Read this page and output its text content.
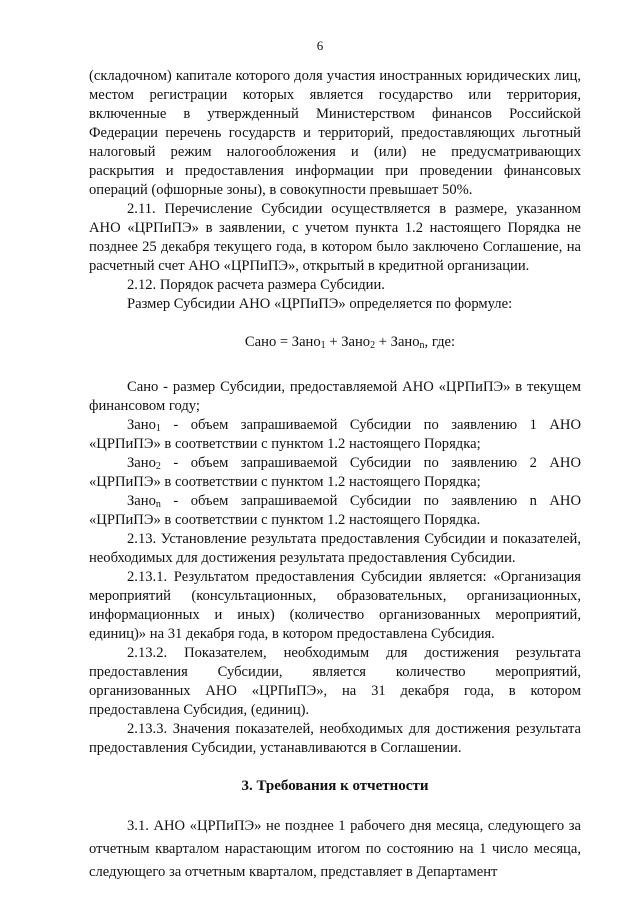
6

(складочном) капитале которого доля участия иностранных юридических лиц, местом регистрации которых является государство или территория, включенные в утвержденный Министерством финансов Российской Федерации перечень государств и территорий, предоставляющих льготный налоговый режим налогообложения и (или) не предусматривающих раскрытия и предоставления информации при проведении финансовых операций (офшорные зоны), в совокупности превышает 50%.

2.11. Перечисление Субсидии осуществляется в размере, указанном АНО «ЦРПиПЭ» в заявлении, с учетом пункта 1.2 настоящего Порядка не позднее 25 декабря текущего года, в котором было заключено Соглашение, на расчетный счет АНО «ЦРПиПЭ», открытый в кредитной организации.

2.12. Порядок расчета размера Субсидии.

Размер Субсидии АНО «ЦРПиПЭ» определяется по формуле:

Сано = Зано$_1$ + Зано$_2$ + Зано$_n$, где:

Сано - размер Субсидии, предоставляемой АНО «ЦРПиПЭ» в текущем финансовом году;

Зано$_1$ - объем запрашиваемой Субсидии по заявлению 1 АНО «ЦРПиПЭ» в соответствии с пунктом 1.2 настоящего Порядка;

Зано$_2$ - объем запрашиваемой Субсидии по заявлению 2 АНО «ЦРПиПЭ» в соответствии с пунктом 1.2 настоящего Порядка;

Зано$_n$ - объем запрашиваемой Субсидии по заявлению n АНО «ЦРПиПЭ» в соответствии с пунктом 1.2 настоящего Порядка.

2.13. Установление результата предоставления Субсидии и показателей, необходимых для достижения результата предоставления Субсидии.

2.13.1. Результатом предоставления Субсидии является: «Организация мероприятий (консультационных, образовательных, организационных, информационных и иных) (количество организованных мероприятий, единиц)» на 31 декабря года, в котором предоставлена Субсидия.

2.13.2. Показателем, необходимым для достижения результата предоставления Субсидии, является количество мероприятий, организованных АНО «ЦРПиПЭ», на 31 декабря года, в котором предоставлена Субсидия, (единиц).

2.13.3. Значения показателей, необходимых для достижения результата предоставления Субсидии, устанавливаются в Соглашении.

3. Требования к отчетности

3.1. АНО «ЦРПиПЭ» не позднее 1 рабочего дня месяца, следующего за отчетным кварталом нарастающим итогом по состоянию на 1 число месяца, следующего за отчетным кварталом, представляет в Департамент
